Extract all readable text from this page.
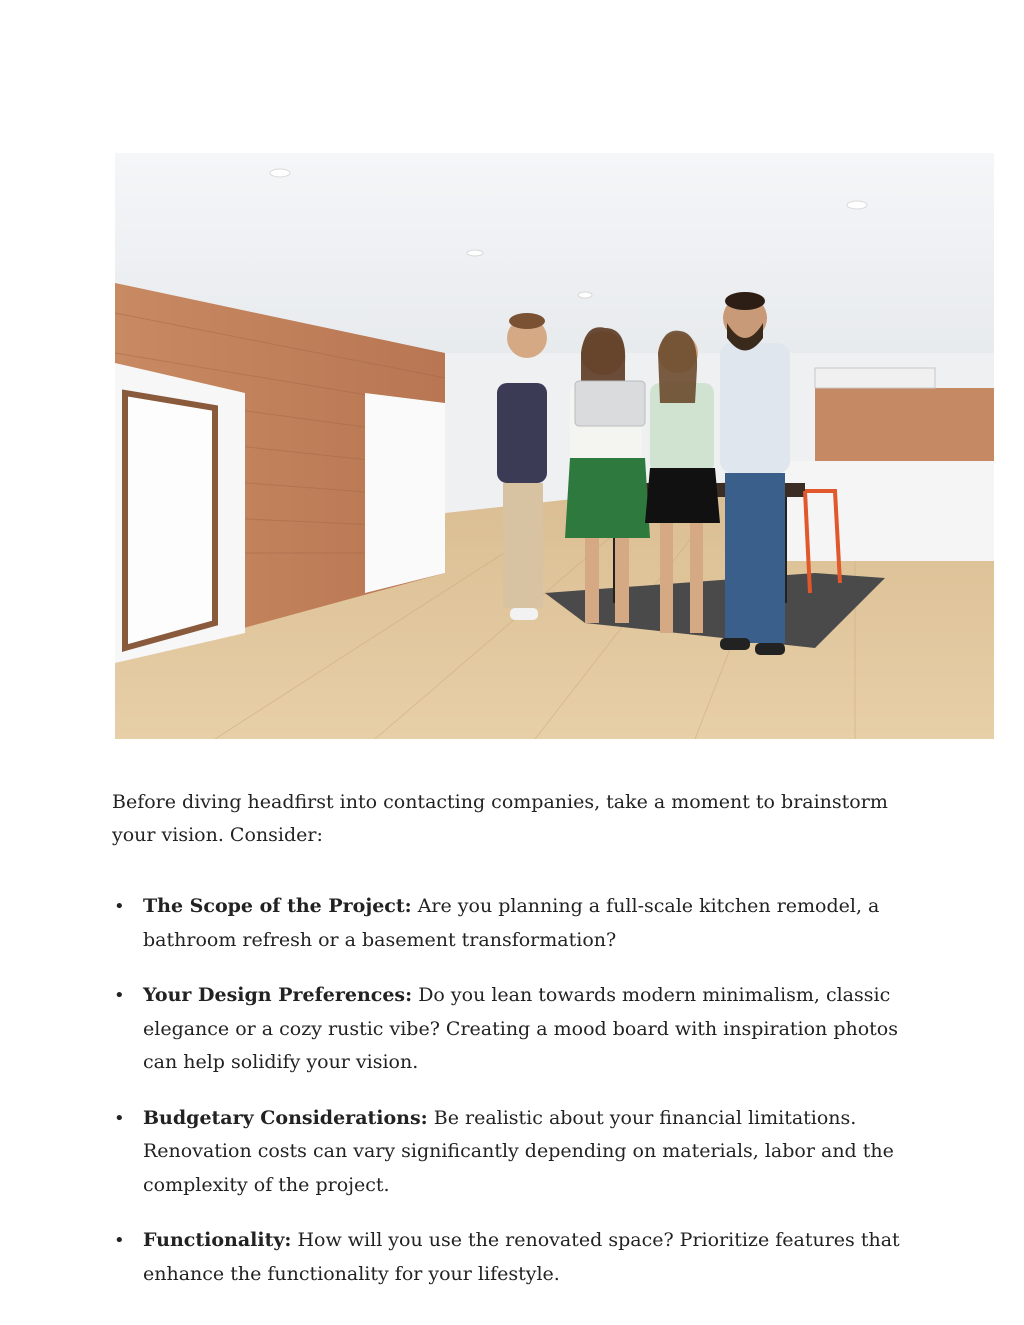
Before diving headfirst into contacting companies, take a moment to brainstorm your vision. Consider:

• The Scope of the Project: Are you planning a full-scale kitchen remodel, a bathroom refresh or a basement transformation?
• Your Design Preferences: Do you lean towards modern minimalism, classic elegance or a cozy rustic vibe? Creating a mood board with inspiration photos can help solidify your vision.
• Budgetary Considerations: Be realistic about your financial limitations. Renovation costs can vary significantly depending on materials, labor and the complexity of the project.
• Functionality: How will you use the renovated space? Prioritize features that enhance the functionality for your lifestyle.
